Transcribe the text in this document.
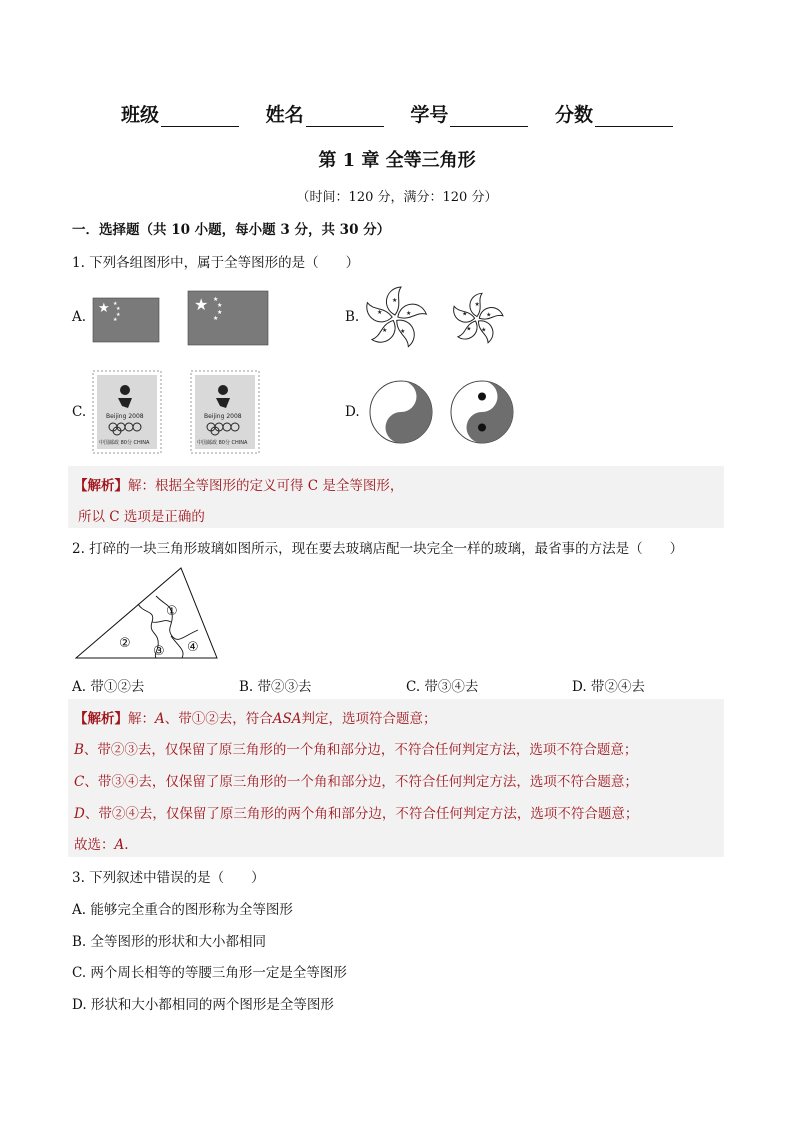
班级	姓名	学号	分数
第 1 章 全等三角形
（时间：120 分，满分：120 分）
一．选择题（共 10 小题，每小题 3 分，共 30 分）
1. 下列各组图形中，属于全等图形的是（　　）
A.
★ ★
★
★
★
★ ★
★
★
★	B.
★
★
★
★
★
★
★
★
★
★
C.	Beijing 2008
中国邮政 80分 CHINA
Beijing 2008
中国邮政 80分 CHINA
D.
【解析】解：根据全等图形的定义可得 C 是全等图形，
所以 C 选项是正确的
2. 打碎的一块三角形玻璃如图所示，现在要去玻璃店配一块完全一样的玻璃，最省事的方法是（　　）
①
②
③ ④
A. 带①②去	B. 带②③去	C. 带③④去	D. 带②④去
【解析】解：A、带①②去，符合ASA判定，选项符合题意；
B、带②③去，仅保留了原三角形的一个角和部分边，不符合任何判定方法，选项不符合题意；
C、带③④去，仅保留了原三角形的一个角和部分边，不符合任何判定方法，选项不符合题意；
D、带②④去，仅保留了原三角形的两个角和部分边，不符合任何判定方法，选项不符合题意；
故选：A.
3. 下列叙述中错误的是（　　）
A. 能够完全重合的图形称为全等图形
B. 全等图形的形状和大小都相同
C. 两个周长相等的等腰三角形一定是全等图形
D. 形状和大小都相同的两个图形是全等图形
